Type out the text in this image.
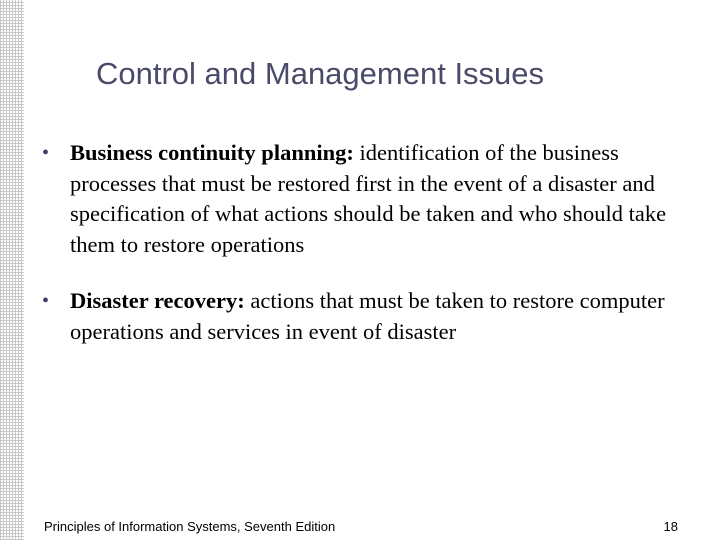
Control and Management Issues
• Business continuity planning: identification of the business processes that must be restored first in the event of a disaster and specification of what actions should be taken and who should take them to restore operations
• Disaster recovery: actions that must be taken to restore computer operations and services in event of disaster
Principles of Information Systems, Seventh Edition	18
